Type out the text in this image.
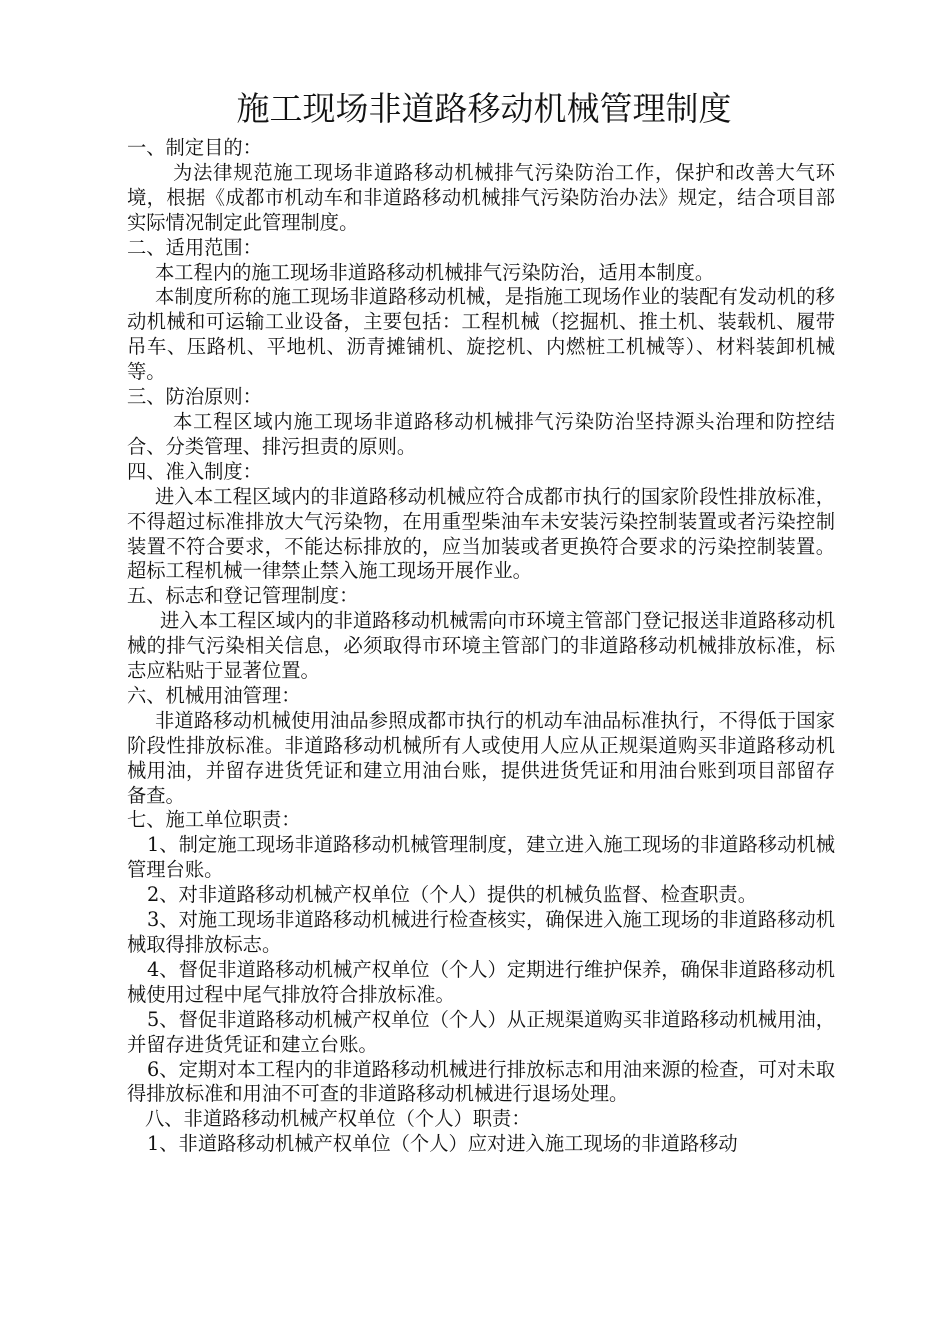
施工现场非道路移动机械管理制度

一、制定目的：

为法律规范施工现场非道路移动机械排气污染防治工作，保护和改善大气环境，根据《成都市机动车和非道路移动机械排气污染防治办法》规定，结合项目部实际情况制定此管理制度。

二、适用范围：

本工程内的施工现场非道路移动机械排气污染防治，适用本制度。

本制度所称的施工现场非道路移动机械，是指施工现场作业的装配有发动机的移动机械和可运输工业设备，主要包括：工程机械（挖掘机、推土机、装载机、履带吊车、压路机、平地机、沥青摊铺机、旋挖机、内燃桩工机械等）、材料装卸机械等。

三、防治原则：

本工程区域内施工现场非道路移动机械排气污染防治坚持源头治理和防控结合、分类管理、排污担责的原则。

四、准入制度：

进入本工程区域内的非道路移动机械应符合成都市执行的国家阶段性排放标准，不得超过标准排放大气污染物，在用重型柴油车未安装污染控制装置或者污染控制装置不符合要求，不能达标排放的，应当加装或者更换符合要求的污染控制装置。超标工程机械一律禁止禁入施工现场开展作业。

五、标志和登记管理制度：

进入本工程区域内的非道路移动机械需向市环境主管部门登记报送非道路移动机械的排气污染相关信息，必须取得市环境主管部门的非道路移动机械排放标准，标志应粘贴于显著位置。

六、机械用油管理：

非道路移动机械使用油品参照成都市执行的机动车油品标准执行，不得低于国家阶段性排放标准。非道路移动机械所有人或使用人应从正规渠道购买非道路移动机械用油，并留存进货凭证和建立用油台账，提供进货凭证和用油台账到项目部留存备查。

七、施工单位职责：

1、制定施工现场非道路移动机械管理制度，建立进入施工现场的非道路移动机械管理台账。

2、对非道路移动机械产权单位（个人）提供的机械负监督、检查职责。

3、对施工现场非道路移动机械进行检查核实，确保进入施工现场的非道路移动机械取得排放标志。

4、督促非道路移动机械产权单位（个人）定期进行维护保养，确保非道路移动机械使用过程中尾气排放符合排放标准。

5、督促非道路移动机械产权单位（个人）从正规渠道购买非道路移动机械用油，并留存进货凭证和建立台账。

6、定期对本工程内的非道路移动机械进行排放标志和用油来源的检查，可对未取得排放标准和用油不可查的非道路移动机械进行退场处理。

八、非道路移动机械产权单位（个人）职责：

1、非道路移动机械产权单位（个人）应对进入施工现场的非道路移动
